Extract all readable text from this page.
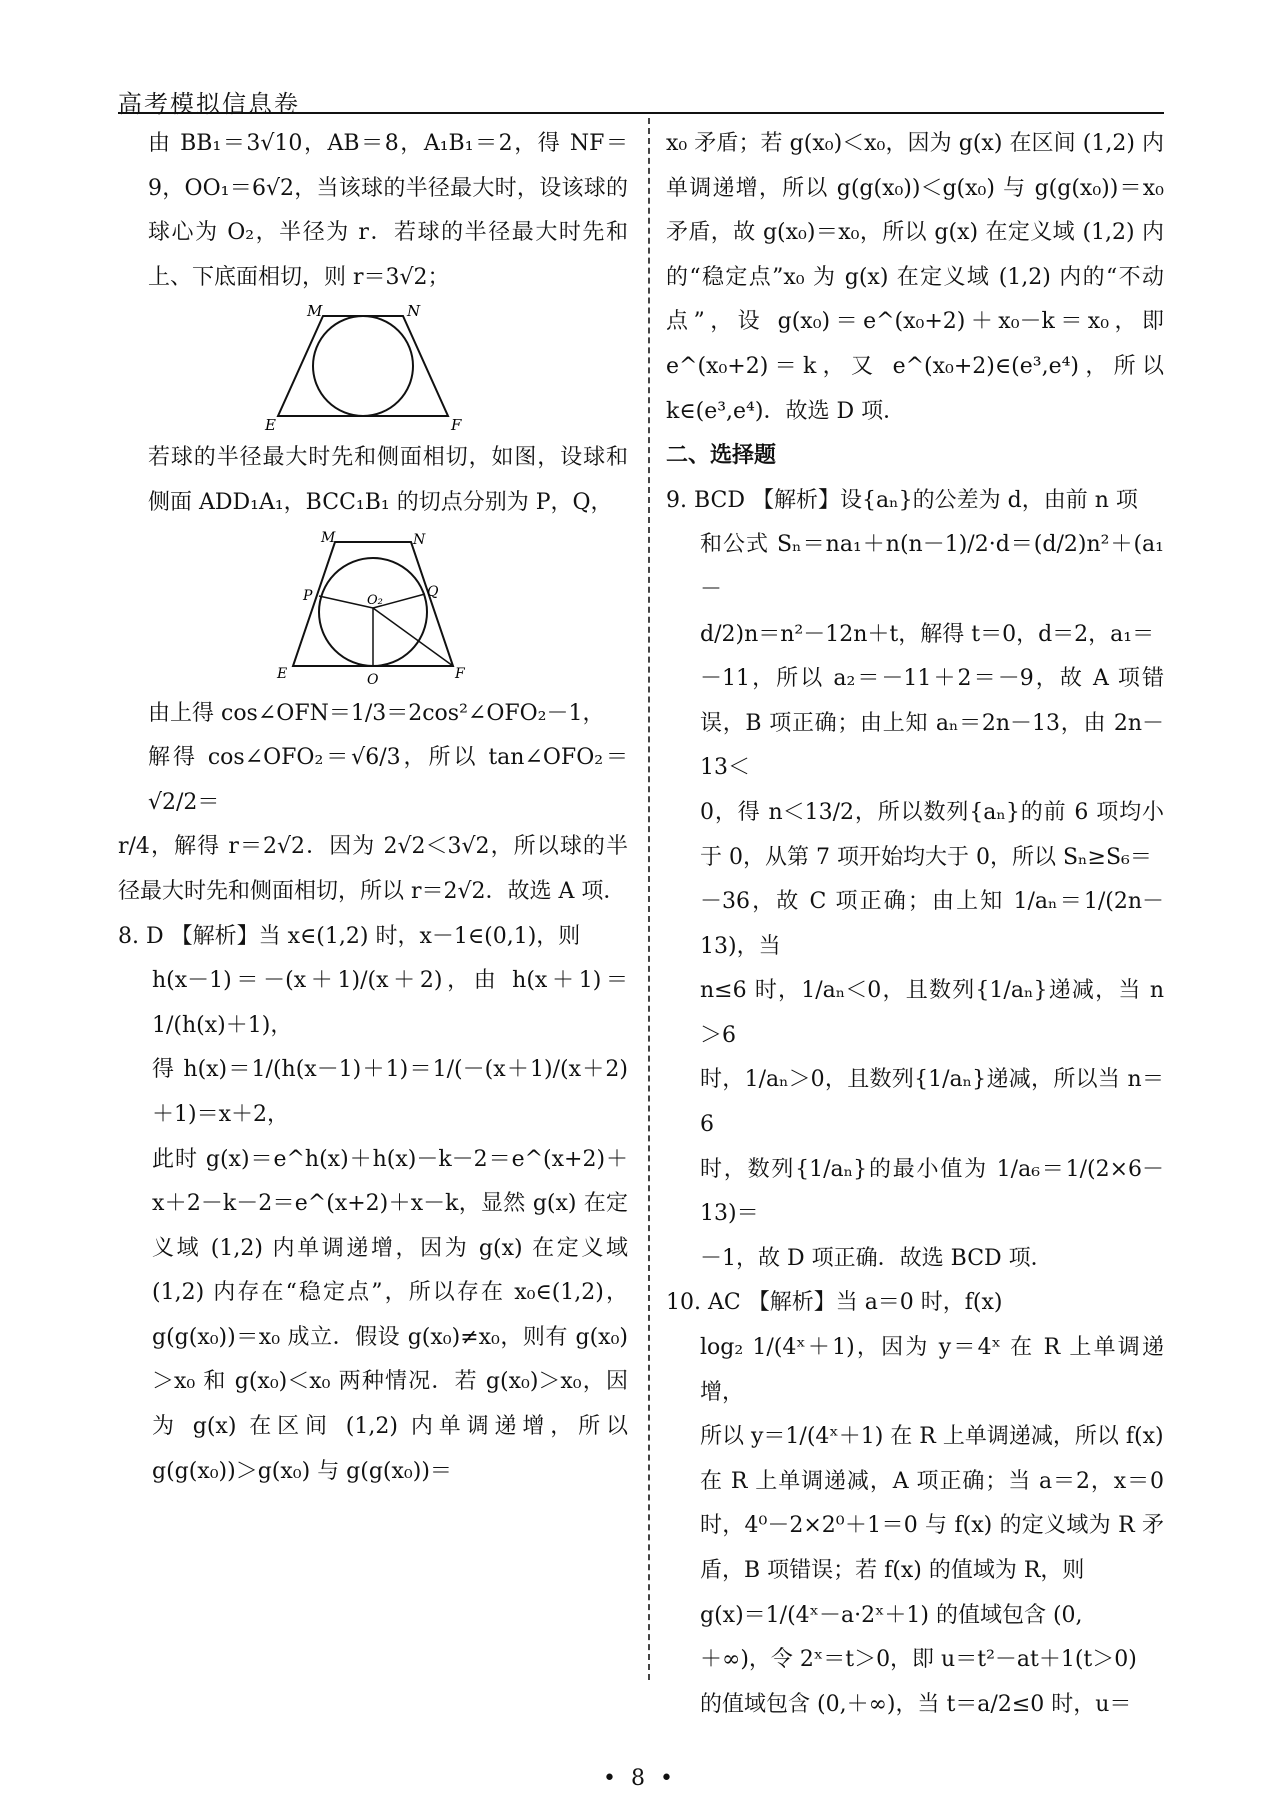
高考模拟信息卷

由 BB₁＝3√10，AB＝8，A₁B₁＝2，得 NF＝9，OO₁＝6√2，当该球的半径最大时，设该球的球心为 O₂，半径为 r．若球的半径最大时先和上、下底面相切，则 r＝3√2；

M	N
E	F

若球的半径最大时先和侧面相切，如图，设球和侧面 ADD₁A₁，BCC₁B₁ 的切点分别为 P，Q，

M	N
P	Q
O₂
E	O	F

由上得 cos∠OFN＝1/3＝2cos²∠OFO₂－1，

解得 cos∠OFO₂＝√6/3，所以 tan∠OFO₂＝√2/2＝

r/4，解得 r＝2√2．因为 2√2＜3√2，所以球的半径最大时先和侧面相切，所以 r＝2√2．故选 A 项．

8. D 【解析】当 x∈(1,2) 时，x－1∈(0,1)，则

h(x－1)＝－(x＋1)/(x＋2)，由 h(x＋1)＝1/(h(x)＋1)，

得 h(x)＝1/(h(x－1)＋1)＝1/(－(x＋1)/(x＋2)＋1)＝x＋2，

此时 g(x)＝e^h(x)＋h(x)－k－2＝e^(x+2)＋x＋2－k－2＝e^(x+2)＋x－k，显然 g(x) 在定义域 (1,2) 内单调递增，因为 g(x) 在定义域 (1,2) 内存在“稳定点”，所以存在 x₀∈(1,2)，g(g(x₀))＝x₀ 成立．假设 g(x₀)≠x₀，则有 g(x₀)＞x₀ 和 g(x₀)＜x₀ 两种情况．若 g(x₀)＞x₀，因为 g(x) 在区间 (1,2) 内单调递增，所以 g(g(x₀))＞g(x₀) 与 g(g(x₀))＝

x₀ 矛盾；若 g(x₀)＜x₀，因为 g(x) 在区间 (1,2) 内单调递增，所以 g(g(x₀))＜g(x₀) 与 g(g(x₀))＝x₀ 矛盾，故 g(x₀)＝x₀，所以 g(x) 在定义域 (1,2) 内的“稳定点”x₀ 为 g(x) 在定义域 (1,2) 内的“不动点”，设 g(x₀)＝e^(x₀+2)＋x₀－k＝x₀，即 e^(x₀+2)＝k，又 e^(x₀+2)∈(e³,e⁴)，所以 k∈(e³,e⁴)．故选 D 项．

二、选择题

9. BCD 【解析】设{aₙ}的公差为 d，由前 n 项

和公式 Sₙ＝na₁＋n(n－1)/2·d＝(d/2)n²＋(a₁－

d/2)n＝n²－12n＋t，解得 t＝0，d＝2，a₁＝

－11，所以 a₂＝－11＋2＝－9，故 A 项错误，B 项正确；由上知 aₙ＝2n－13，由 2n－13＜

0，得 n＜13/2，所以数列{aₙ}的前 6 项均小于 0，从第 7 项开始均大于 0，所以 Sₙ≥S₆＝

－36，故 C 项正确；由上知 1/aₙ＝1/(2n－13)，当

n≤6 时，1/aₙ＜0，且数列{1/aₙ}递减，当 n＞6

时，1/aₙ＞0，且数列{1/aₙ}递减，所以当 n＝6

时，数列{1/aₙ}的最小值为 1/a₆＝1/(2×6－13)＝

－1，故 D 项正确．故选 BCD 项．

10. AC 【解析】当 a＝0 时，f(x)

log₂ 1/(4ˣ＋1)，因为 y＝4ˣ 在 R 上单调递增，

所以 y＝1/(4ˣ＋1) 在 R 上单调递减，所以 f(x)

在 R 上单调递减，A 项正确；当 a＝2，x＝0 时，4⁰－2×2⁰＋1＝0 与 f(x) 的定义域为 R 矛盾，B 项错误；若 f(x) 的值域为 R，则

g(x)＝1/(4ˣ－a·2ˣ＋1) 的值域包含 (0,

＋∞)，令 2ˣ＝t＞0，即 u＝t²－at＋1(t＞0)

的值域包含 (0,＋∞)，当 t＝a/2≤0 时，u＝

• 8 •
